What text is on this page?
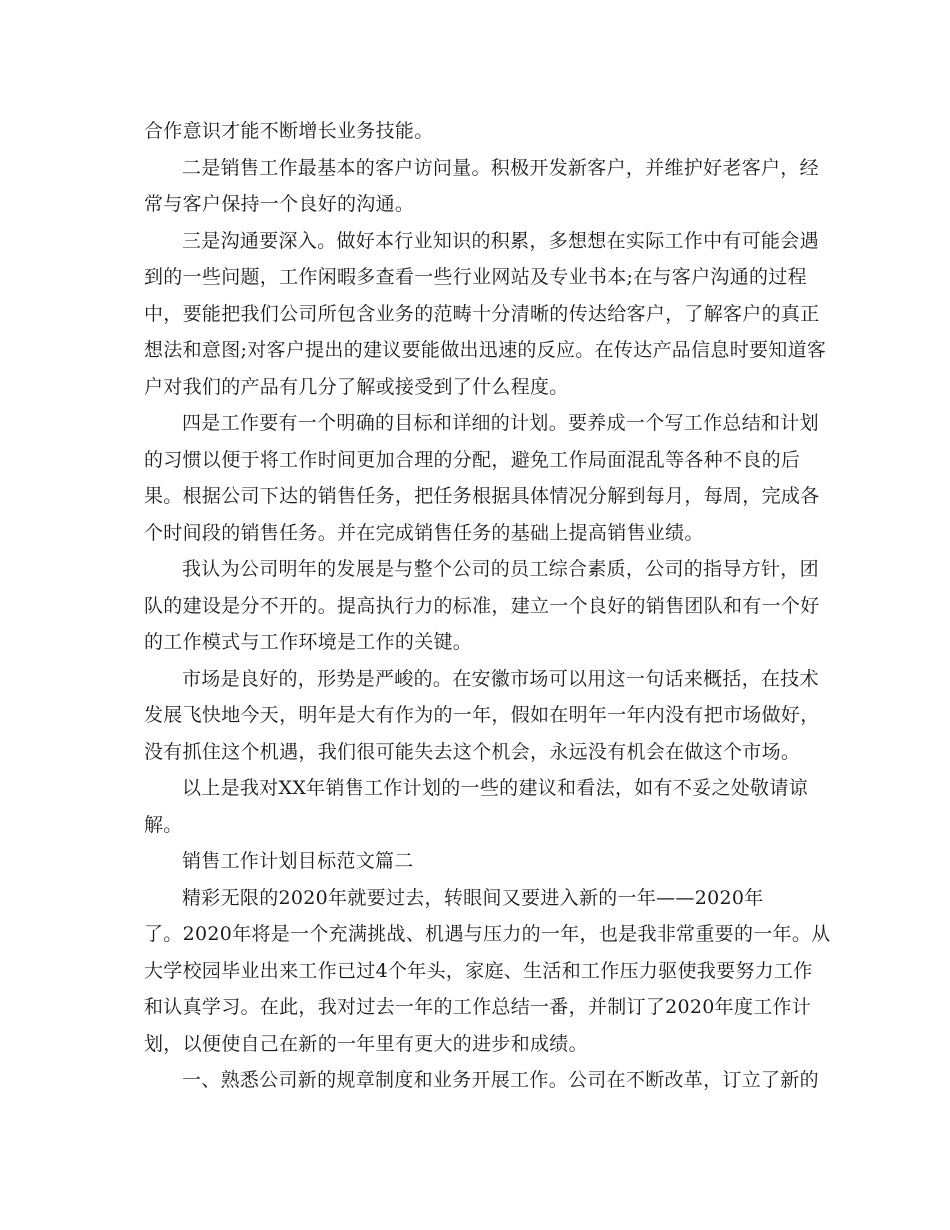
合作意识才能不断增长业务技能。
二是销售工作最基本的客户访问量。积极开发新客户，并维护好老客户，经
常与客户保持一个良好的沟通。
三是沟通要深入。做好本行业知识的积累，多想想在实际工作中有可能会遇
到的一些问题，工作闲暇多查看一些行业网站及专业书本;在与客户沟通的过程
中，要能把我们公司所包含业务的范畴十分清晰的传达给客户，了解客户的真正
想法和意图;对客户提出的建议要能做出迅速的反应。在传达产品信息时要知道客
户对我们的产品有几分了解或接受到了什么程度。
四是工作要有一个明确的目标和详细的计划。要养成一个写工作总结和计划
的习惯以便于将工作时间更加合理的分配，避免工作局面混乱等各种不良的后
果。根据公司下达的销售任务，把任务根据具体情况分解到每月，每周，完成各
个时间段的销售任务。并在完成销售任务的基础上提高销售业绩。
我认为公司明年的发展是与整个公司的员工综合素质，公司的指导方针，团
队的建设是分不开的。提高执行力的标准，建立一个良好的销售团队和有一个好
的工作模式与工作环境是工作的关键。
市场是良好的，形势是严峻的。在安徽市场可以用这一句话来概括，在技术
发展飞快地今天，明年是大有作为的一年，假如在明年一年内没有把市场做好，
没有抓住这个机遇，我们很可能失去这个机会，永远没有机会在做这个市场。
以上是我对XX年销售工作计划的一些的建议和看法，如有不妥之处敬请谅
解。
销售工作计划目标范文篇二
精彩无限的2020年就要过去，转眼间又要进入新的一年——2020年
了。2020年将是一个充满挑战、机遇与压力的一年，也是我非常重要的一年。从
大学校园毕业出来工作已过4个年头，家庭、生活和工作压力驱使我要努力工作
和认真学习。在此，我对过去一年的工作总结一番，并制订了2020年度工作计
划，以便使自己在新的一年里有更大的进步和成绩。
一、熟悉公司新的规章制度和业务开展工作。公司在不断改革，订立了新的
